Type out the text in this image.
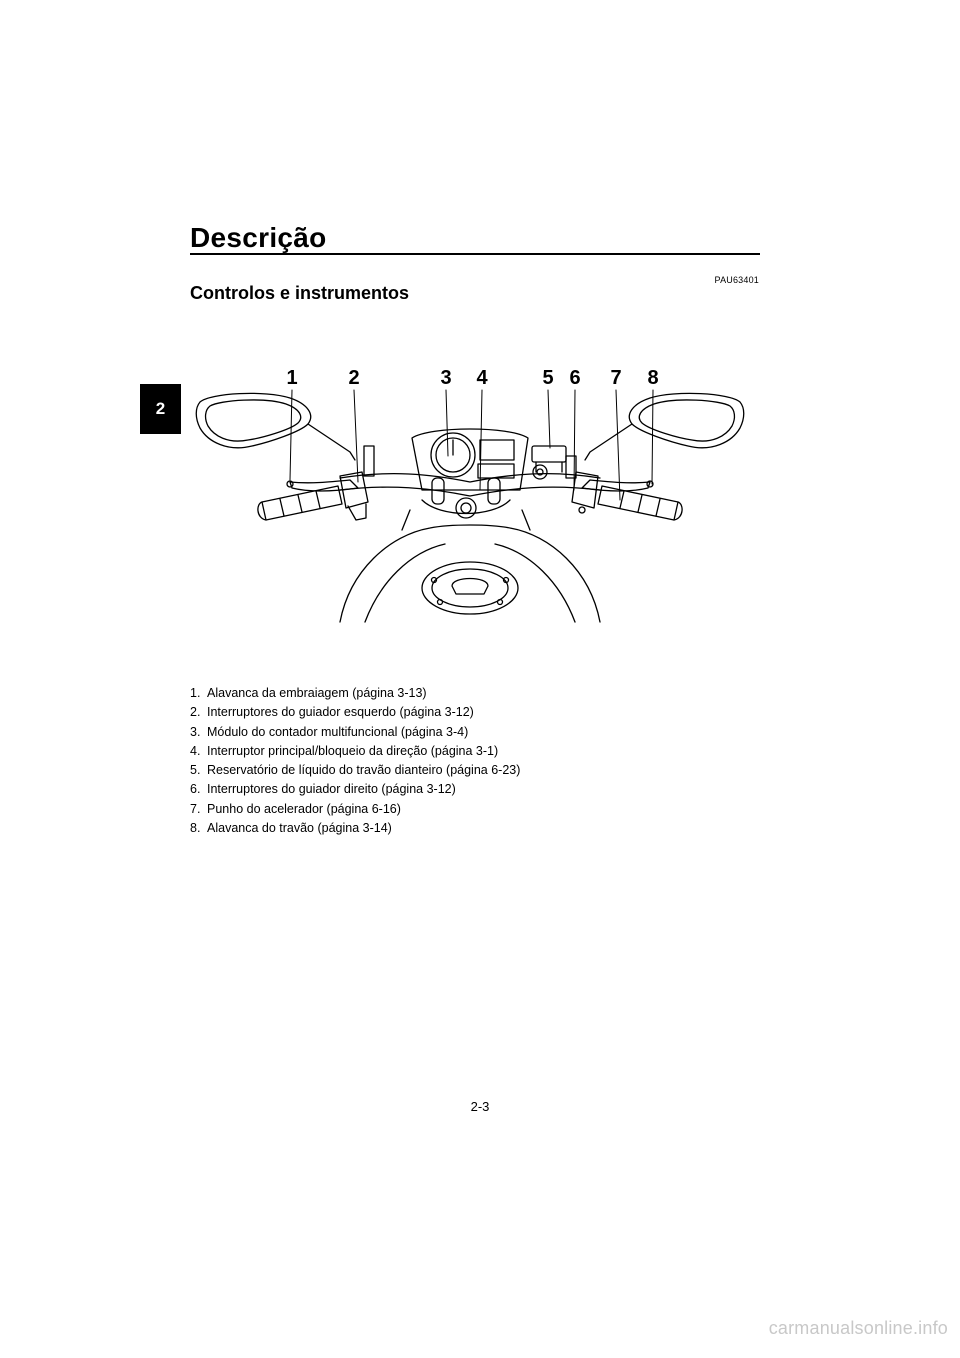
2
Descrição
PAU63401
Controlos e instrumentos
1	2	3 4	5 6 7 8
1. Alavanca da embraiagem (página 3-13)
2. Interruptores do guiador esquerdo (página 3-12)
3. Módulo do contador multifuncional (página 3-4)
4. Interruptor principal/bloqueio da direção (página 3-1)
5. Reservatório de líquido do travão dianteiro (página 6-23)
6. Interruptores do guiador direito (página 3-12)
7. Punho do acelerador (página 6-16)
8. Alavanca do travão (página 3-14)
2-3
carmanualsonline.info
